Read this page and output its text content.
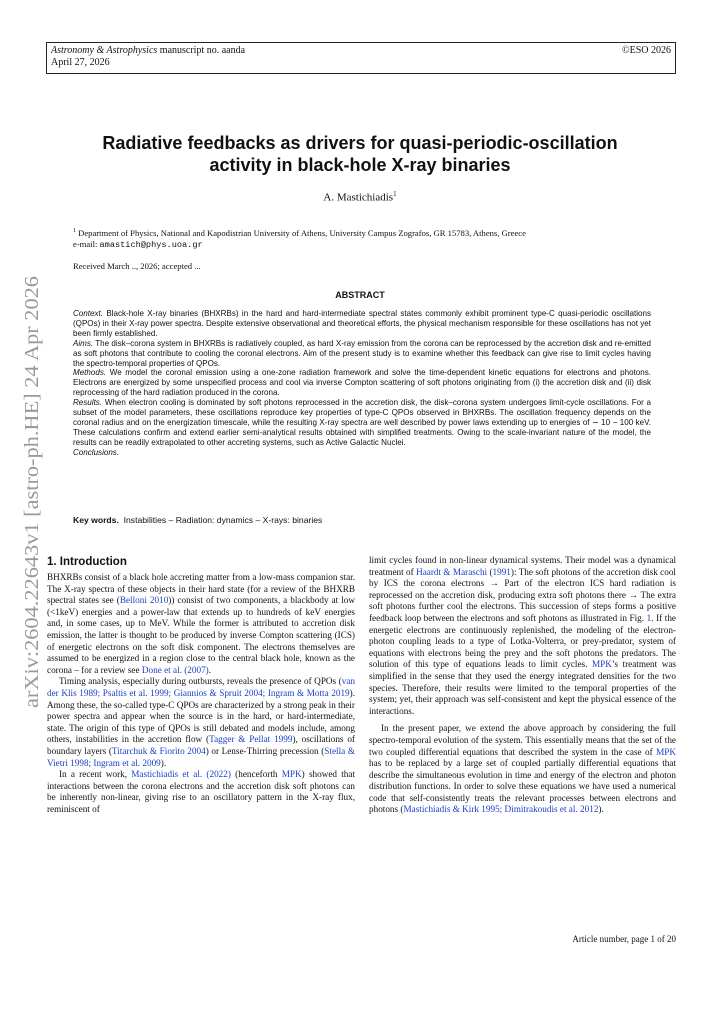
Astronomy & Astrophysics manuscript no. aanda
April 27, 2026
©ESO 2026
arXiv:2604.22643v1 [astro-ph.HE] 24 Apr 2026
Radiative feedbacks as drivers for quasi-periodic-oscillation
activity in black-hole X-ray binaries
A. Mastichiadis$^1$
$^1$ Department of Physics, National and Kapodistrian University of Athens, University Campus Zografos, GR 15783, Athens, Greece
e-mail: amastich@phys.uoa.gr
Received March .., 2026; accepted ...
ABSTRACT

Context. Black-hole X-ray binaries (BHXRBs) in the hard and hard-intermediate spectral states commonly exhibit prominent type-C quasi-periodic oscillations (QPOs) in their X-ray power spectra. Despite extensive observational and theoretical efforts, the physical mechanism responsible for these oscillations has not yet been firmly established.

Aims. The disk–corona system in BHXRBs is radiatively coupled, as hard X-ray emission from the corona can be reprocessed by the accretion disk and re-emitted as soft photons that contribute to cooling the coronal electrons. Aim of the present study is to examine whether this feedback can give rise to limit cycles having the spectro-temporal properties of QPOs.

Methods. We model the coronal emission using a one-zone radiation framework and solve the time-dependent kinetic equations for electrons and photons. Electrons are energized by some unspecified process and cool via inverse Compton scattering of soft photons originating from (i) the accretion disk and (ii) disk reprocessing of the hard radiation produced in the corona.

Results. When electron cooling is dominated by soft photons reprocessed in the accretion disk, the disk–corona system undergoes limit-cycle oscillations. For a subset of the model parameters, these oscillations reproduce key properties of type-C QPOs observed in BHXRBs. The oscillation frequency depends on the coronal radius and on the energization timescale, while the resulting X-ray spectra are well described by power laws extending up to energies of ∼ 10 − 100 keV. These calculations confirm and extend earlier semi-analytical results obtained with simplified treatments. Owing to the scale-invariant nature of the model, the results can be readily extrapolated to other accreting systems, such as Active Galactic Nuclei.

Conclusions.

Key words. Instabilities – Radiation: dynamics – X-rays: binaries
1. Introduction

BHXRBs consist of a black hole accreting matter from a low-mass companion star. The X-ray spectra of these objects in their hard state (for a review of the BHXRB spectral states see (Belloni 2010)) consist of two components, a blackbody at low (<1keV) energies and a power-law that extends up to hundreds of keV energies and, in some cases, up to MeV. While the former is attributed to accretion disk emission, the latter is thought to be produced by inverse Compton scattering (ICS) of energetic electrons on the soft disk component. The electrons themselves are assumed to be energized in a region close to the central black hole, known as the corona – for a review see Done et al. (2007).

Timing analysis, especially during outbursts, reveals the presence of QPOs (van der Klis 1989; Psaltis et al. 1999; Giannios & Spruit 2004; Ingram & Motta 2019). Among these, the so-called type-C QPOs are characterized by a strong peak in their power spectra and appear when the source is in the hard, or hard-intermediate, state. The origin of this type of QPOs is still debated and models include, among others, instabilities in the accretion flow (Tagger & Pellat 1999), oscillations of boundary layers (Titarchuk & Fiorito 2004) or Lense-Thirring precession (Stella & Vietri 1998; Ingram et al. 2009).

In a recent work, Mastichiadis et al. (2022) (henceforth MPK) showed that interactions between the corona electrons and the accretion disk soft photons can be inherently non-linear, giving rise to an oscillatory pattern in the X-ray flux, reminiscent of

limit cycles found in non-linear dynamical systems. Their model was a dynamical treatment of Haardt & Maraschi (1991): The soft photons of the accretion disk cool by ICS the corona electrons → Part of the electron ICS hard radiation is reprocessed on the accretion disk, producing extra soft photons there → The extra soft photons further cool the electrons. This succession of steps forms a positive feedback loop between the electrons and soft photons as illustrated in Fig. 1. If the energetic electrons are continuously replenished, the modeling of the electron-photon coupling leads to a type of Lotka-Volterra, or prey-predator, system of equations with electrons being the prey and the soft photons the predators. The solution of this type of equations leads to limit cycles. MPK’s treatment was simplified in the sense that they used the energy integrated densities for the two species. Therefore, their results were limited to the temporal properties of the system; yet, their approach was self-consistent and kept the physical essence of the interactions.

In the present paper, we extend the above approach by considering the full spectro-temporal evolution of the system. This essentially means that the set of the two coupled differential equations that described the system in the case of MPK has to be replaced by a large set of coupled partially differential equations that describe the simultaneous evolution in time and energy of the electron and photon distribution functions. In order to solve these equations we have used a numerical code that self-consistently treats the relevant processes between electrons and photons (Mastichiadis & Kirk 1995; Dimitrakoudis et al. 2012).

Article number, page 1 of 20
